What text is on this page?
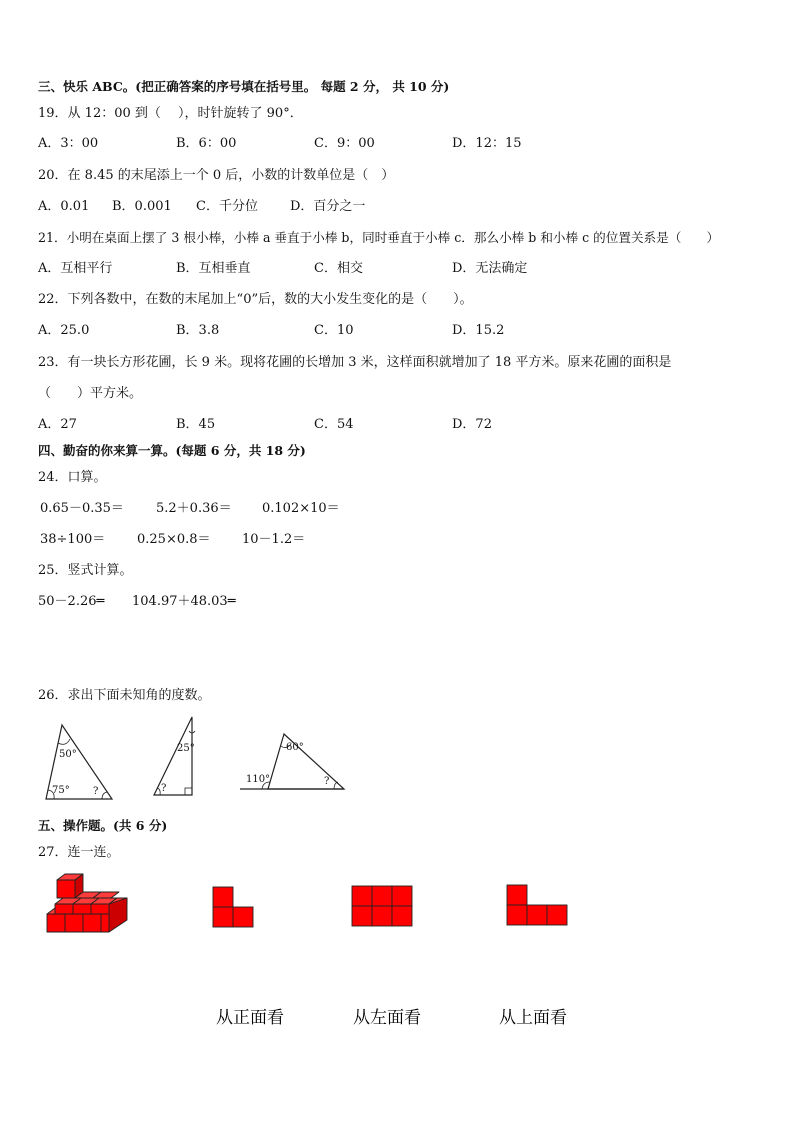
三、快乐 ABC。(把正确答案的序号填在括号里。 每题 2 分， 共 10 分)
19．从 12：00 到（　 ），时针旋转了 90°．
A．3：00	B．6：00	C．9：00	D．12：15
20．在 8.45 的末尾添上一个 0 后，小数的计数单位是（　）
A．0.01 B．0.001 C．千分位 D．百分之一
21．小明在桌面上摆了 3 根小棒，小棒 a 垂直于小棒 b，同时垂直于小棒 c．那么小棒 b 和小棒 c 的位置关系是（　　）
A．互相平行	B．互相垂直	C．相交	D．无法确定
22．下列各数中，在数的末尾加上“0”后，数的大小发生变化的是（　　）。
A．25.0	B．3.8	C．10	D．15.2
23．有一块长方形花圃，长 9 米。现将花圃的长增加 3 米，这样面积就增加了 18 平方米。原来花圃的面积是
（　　）平方米。
A．27	B．45	C．54	D．72
四、勤奋的你来算一算。(每题 6 分，共 18 分)
24．口算。
0.65－0.35＝ 5.2＋0.36＝ 0.102×10＝
38÷100＝ 0.25×0.8＝ 10－1.2＝
25．竖式计算。
50－2.26═ 104.97＋48.03═
26．求出下面未知角的度数。
50°
75° ?
25°
?
60°
110°	?
五、操作题。(共 6 分)
27．连一连。
从正面看	从左面看	从上面看
